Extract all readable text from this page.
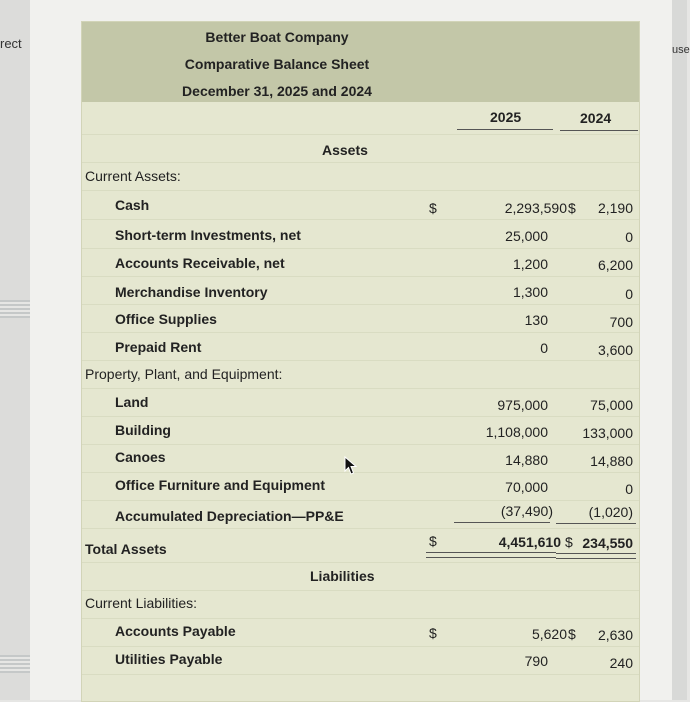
rect	use
Better Boat Company
Comparative Balance Sheet
December 31, 2025 and 2024
2025	2024
Assets
Current Assets:
Cash	$	2,293,590 $ 2,190
Short-term Investments, net	25,000	0
Accounts Receivable, net	1,200	6,200
Merchandise Inventory	1,300	0
Office Supplies	130	700
Prepaid Rent	0	3,600
Property, Plant, and Equipment:
Land	975,000	75,000
Building	1,108,000 133,000
Canoes	14,880	14,880
Office Furniture and Equipment	70,000	0
Accumulated Depreciation—PP&E	(37,490)	(1,020)
Total Assets	$	4,451,610 $ 234,550
Liabilities
Current Liabilities:
Accounts Payable	$	5,620 $ 2,630
Utilities Payable	790	240
